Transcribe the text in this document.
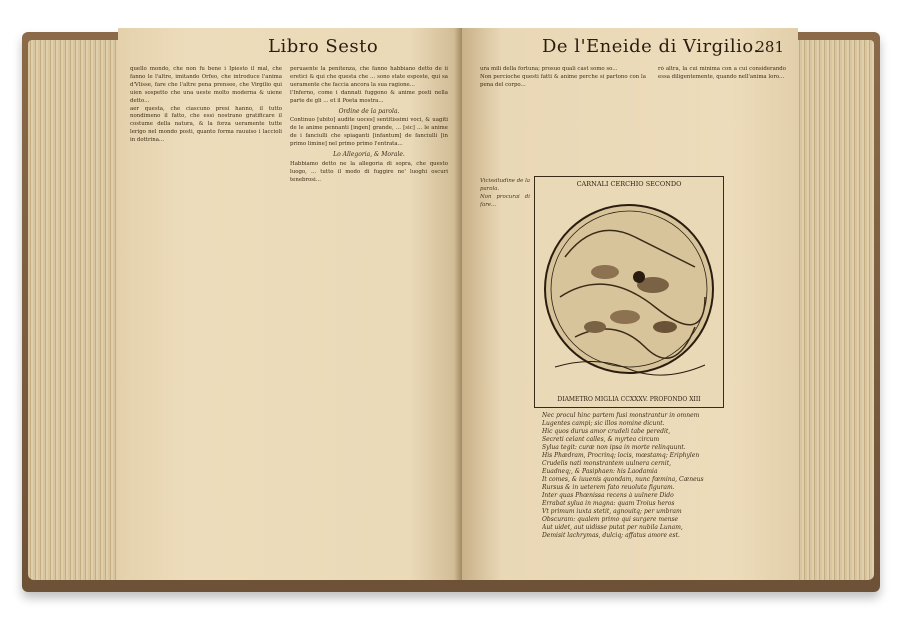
Libro Sesto

quello mondo, che non fu bene i Ipiesto il mal, che fanno le l'altre, imitando Orfeo, che introduce l'anima d'Vlisse, fare che l'altre pena prensee, che Virgilio qui uien sospetto che una ueste molto moderna & uiene detto...

aer questa, che ciascuno presi hanno, il tutto nondimeno il fatto, che essi nostrano gratificare il costume della natura, & la forza ueramente tutte lerigo nel mondo posti, quanto forma rauuiso i laccioli in dottrina...

peruaente la penitenza, che fanno habbiano detto de ii eretici & qui che questa che ... sono state esposte, qui sa ueramente che faccia ancora la sua ragione...

l'Inferno, come i dannati fuggono & anime posti nella parte de gli ... et il Poeta mostra...

Ordine de la parola.

Continuo [ubito] audite uoces] sentitissimi voci, & uagiti de le anime pennanti [ingen] grande, ... [sic] ... le anime de i fanciulli che spiaganti [infantum] de fanciulli [in primo limine] nel primo primo l'entrata...

Lo Allegoria, & Morale.

Habbiamo detto ne la allegoria di sopra, che questo luogo, ... tutto il modo di fuggire ne' luoghi oscuri tenebrosi...

De l'Eneide di Virgilio.
281

ura mili della fortuna; prosuo quali cast somo so...

Non percioche questi fatti & anime perche si partono con la pena del corpo...

Vicissitudine de la parola.

Non procurai di fare...

rò altra, la cui minima con a cui considerando essa diligentemente, quando nell'anima loro...

CARNALI CERCHIO SECONDO
DIAMETRO MIGLIA CCXXXV. PROFONDO XIII
Nec procul hinc partem fusi monstrantur in omnem
Lugentes campi; sic illos nomine dicunt.
Hic quos durus amor crudeli tabe peredit,
Secreti celant calles, & myrtea circum
Sylua tegit: curæ non ipsa in morte relinquunt.
His Phædram, Procrinq; locis, mœstamq; Eriphylen
Crudelis nati monstrantem uulnera cernit,
Euadneq;, & Pasiphaen: his Laodamia
It comes, & iuuenis quondam, nunc fœmina, Cæneus
Rursus & in ueterem fato reuoluta figuram.
Inter quas Phœnissa recens à uulnere Dido
Errabat sylua in magna: quam Troius heros
Vt primum iuxta stetit, agnouitq; per umbram
Obscuram: qualem primo qui surgere mense
Aut uidet, aut uidisse putat per nubila Lunam,
Demisit lachrymas, dulciq; affatus amore est.
